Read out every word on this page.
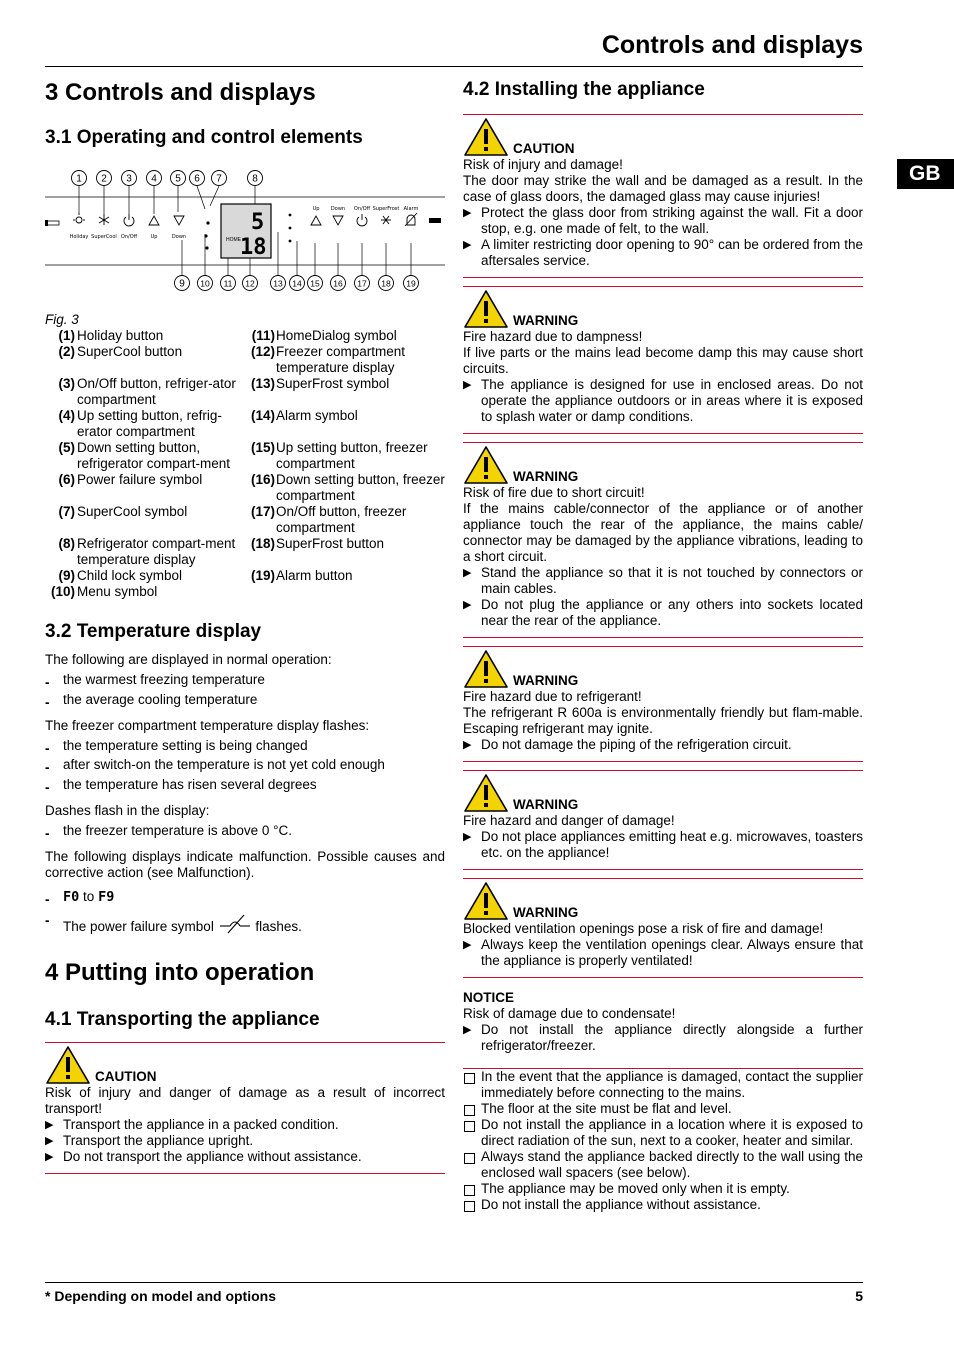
Controls and displays
GB
3 Controls and displays
3.1 Operating and control elements
1 2 3 4 5 6 7	8
9 10 11 12 13 14 15 16 17 18 19
5
18
HOME
Holiday SuperCool On/Off	Up	Down
Up Down On/Off SuperFrost Alarm
Fig. 3
(1)	Holiday button	(11)	HomeDialog symbol
(2)	SuperCool button	(12)	Freezer compartment temperature display
(3)	On/Off button, refriger-ator compartment	(13)	SuperFrost symbol
(4)	Up setting button, refrig-erator compartment	(14)	Alarm symbol
(5)	Down setting button, refrigerator compart-ment	(15)	Up setting button, freezer compartment
(6)	Power failure symbol	(16)	Down setting button, freezer compartment
(7)	SuperCool symbol	(17)	On/Off button, freezer compartment
(8)	Refrigerator compart-ment temperature display	(18)	SuperFrost button
(9)	Child lock symbol	(19)	Alarm button
(10)	Menu symbol		
3.2 Temperature display

The following are displayed in normal operation:

- the warmest freezing temperature
- the average cooling temperature

The freezer compartment temperature display flashes:

- the temperature setting is being changed
- after switch-on the temperature is not yet cold enough
- the temperature has risen several degrees

Dashes flash in the display:

- the freezer temperature is above 0 °C.

The following displays indicate malfunction. Possible causes and corrective action (see Malfunction).

- F0 to F9
- The power failure symbol	flashes.
4 Putting into operation
4.1 Transporting the appliance
CAUTION

Risk of injury and danger of damage as a result of incorrect transport!

▶ Transport the appliance in a packed condition.
▶ Transport the appliance upright.
▶ Do not transport the appliance without assistance.
4.2 Installing the appliance
CAUTION

Risk of injury and damage!

The door may strike the wall and be damaged as a result. In the case of glass doors, the damaged glass may cause injuries!

▶ Protect the glass door from striking against the wall. Fit a door stop, e.g. one made of felt, to the wall.
▶ A limiter restricting door opening to 90° can be ordered from the aftersales service.
WARNING

Fire hazard due to dampness!

If live parts or the mains lead become damp this may cause short circuits.

▶ The appliance is designed for use in enclosed areas. Do not operate the appliance outdoors or in areas where it is exposed to splash water or damp conditions.
WARNING

Risk of fire due to short circuit!

If the mains cable/connector of the appliance or of another appliance touch the rear of the appliance, the mains cable/ connector may be damaged by the appliance vibrations, leading to a short circuit.

▶ Stand the appliance so that it is not touched by connectors or main cables.
▶ Do not plug the appliance or any others into sockets located near the rear of the appliance.
WARNING

Fire hazard due to refrigerant!

The refrigerant R 600a is environmentally friendly but flam-mable. Escaping refrigerant may ignite.

▶ Do not damage the piping of the refrigeration circuit.
WARNING

Fire hazard and danger of damage!

▶ Do not place appliances emitting heat e.g. microwaves, toasters etc. on the appliance!
WARNING

Blocked ventilation openings pose a risk of fire and damage!

▶ Always keep the ventilation openings clear. Always ensure that the appliance is properly ventilated!
NOTICE

Risk of damage due to condensate!

▶ Do not install the appliance directly alongside a further refrigerator/freezer.
In the event that the appliance is damaged, contact the supplier immediately before connecting to the mains.
The floor at the site must be flat and level.
Do not install the appliance in a location where it is exposed to direct radiation of the sun, next to a cooker, heater and similar.
Always stand the appliance backed directly to the wall using the enclosed wall spacers (see below).
The appliance may be moved only when it is empty.
Do not install the appliance without assistance.
* Depending on model and options	5
